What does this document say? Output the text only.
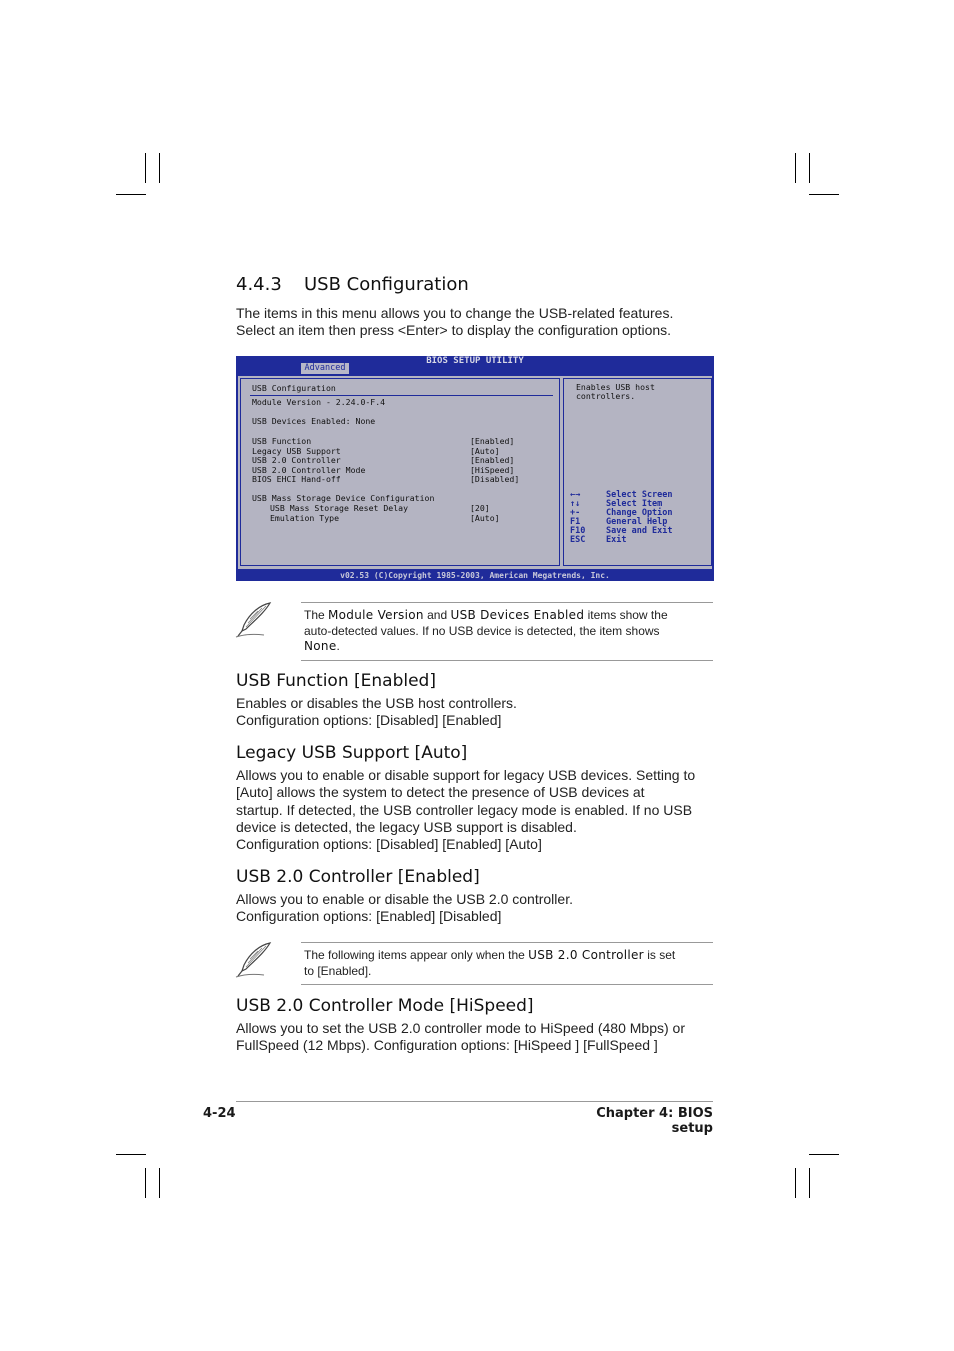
4.4.3 USB Configuration
The items in this menu allows you to change the USB-related features.
Select an item then press <Enter> to display the configuration options.
BIOS SETUP UTILITY
Advanced
USB Configuration
Module Version - 2.24.0-F.4
USB Devices Enabled: None
USB Function	[Enabled]
Legacy USB Support	[Auto]
USB 2.0 Controller	[Enabled]
USB 2.0 Controller Mode	[HiSpeed]
BIOS EHCI Hand-off	[Disabled]
USB Mass Storage Device Configuration
USB Mass Storage Reset Delay	[20]
Emulation Type	[Auto]
Enables USB host
controllers.
←→	Select Screen
↑↓	Select Item
+-	Change Option
F1	General Help
F10 Save and Exit
ESC Exit
v02.53 (C)Copyright 1985-2003, American Megatrends, Inc.
The Module Version and USB Devices Enabled items show the
auto-detected values. If no USB device is detected, the item shows
None.
USB Function [Enabled]
Enables or disables the USB host controllers.
Configuration options: [Disabled] [Enabled]
Legacy USB Support [Auto]
Allows you to enable or disable support for legacy USB devices. Setting to
[Auto] allows the system to detect the presence of USB devices at
startup. If detected, the USB controller legacy mode is enabled. If no USB
device is detected, the legacy USB support is disabled.
Configuration options: [Disabled] [Enabled] [Auto]
USB 2.0 Controller [Enabled]
Allows you to enable or disable the USB 2.0 controller.
Configuration options: [Enabled] [Disabled]
The following items appear only when the USB 2.0 Controller is set
to [Enabled].
USB 2.0 Controller Mode [HiSpeed]
Allows you to set the USB 2.0 controller mode to HiSpeed (480 Mbps) or
FullSpeed (12 Mbps). Configuration options: [HiSpeed ] [FullSpeed ]
4-24	Chapter 4: BIOS setup
